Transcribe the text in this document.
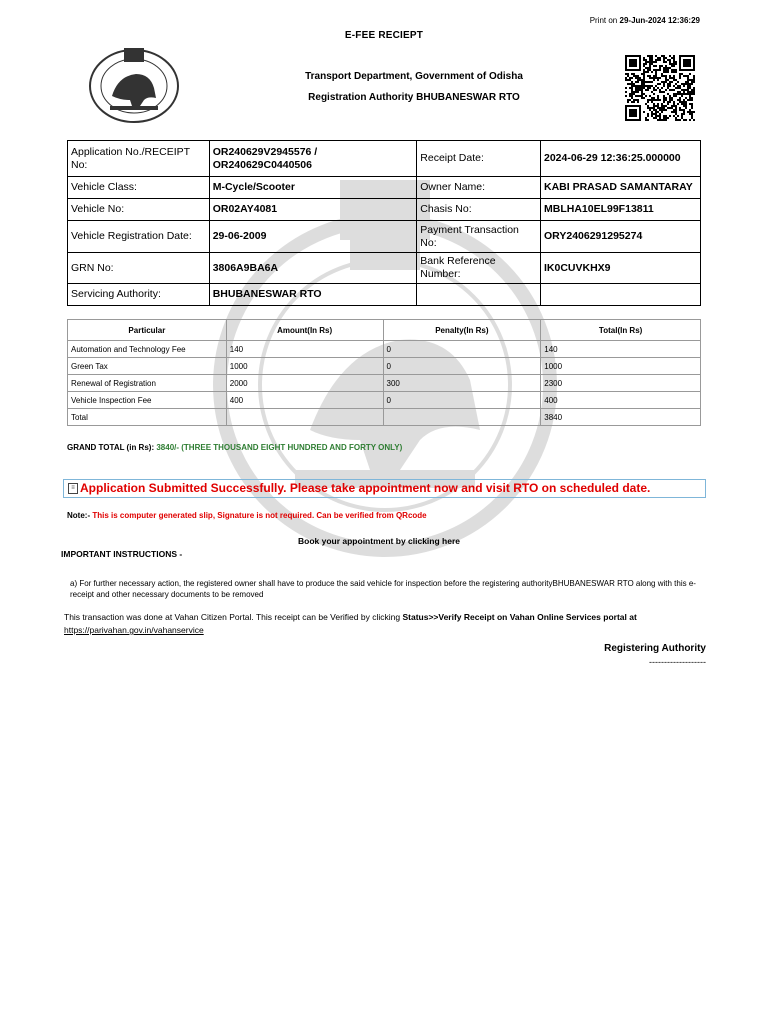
Print on 29-Jun-2024 12:36:29
E-FEE RECIEPT
Transport Department, Government of Odisha
Registration Authority BHUBANESWAR RTO
Application No./RECEIPT No:	OR240629V2945576 /
OR240629C0440506	Receipt Date:	2024-06-29 12:36:25.000000
Vehicle Class:	M-Cycle/Scooter	Owner Name:	KABI PRASAD SAMANTARAY
Vehicle No:	OR02AY4081	Chasis No:	MBLHA10EL99F13811
Vehicle Registration Date:	29-06-2009	Payment Transaction No:	ORY2406291295274
GRN No:	3806A9BA6A	Bank Reference Number:	IK0CUVKHX9
Servicing Authority:	BHUBANESWAR RTO		
Particular	Amount(In Rs)	Penalty(In Rs)	Total(In Rs)
Automation and Technology Fee	140	0	140
Green Tax	1000	0	1000
Renewal of Registration	2000	300	2300
Vehicle Inspection Fee	400	0	400
Total			3840
GRAND TOTAL (in Rs): 3840/- (THREE THOUSAND EIGHT HUNDRED AND FORTY ONLY)
≡ Application Submitted Successfully. Please take appointment now and visit RTO on scheduled date.
Note:- This is computer generated slip, Signature is not required. Can be verified from QRcode
Book your appointment by clicking here
IMPORTANT INSTRUCTIONS -
a) For further necessary action, the registered owner shall have to produce the said vehicle for inspection before the registering authorityBHUBANESWAR RTO along with this e-receipt and other necessary documents to be removed
This transaction was done at Vahan Citizen Portal. This receipt can be Verified by clicking Status>>Verify Receipt on Vahan Online Services portal at
https://parivahan.gov.in/vahanservice
Registering Authority
-------------------
